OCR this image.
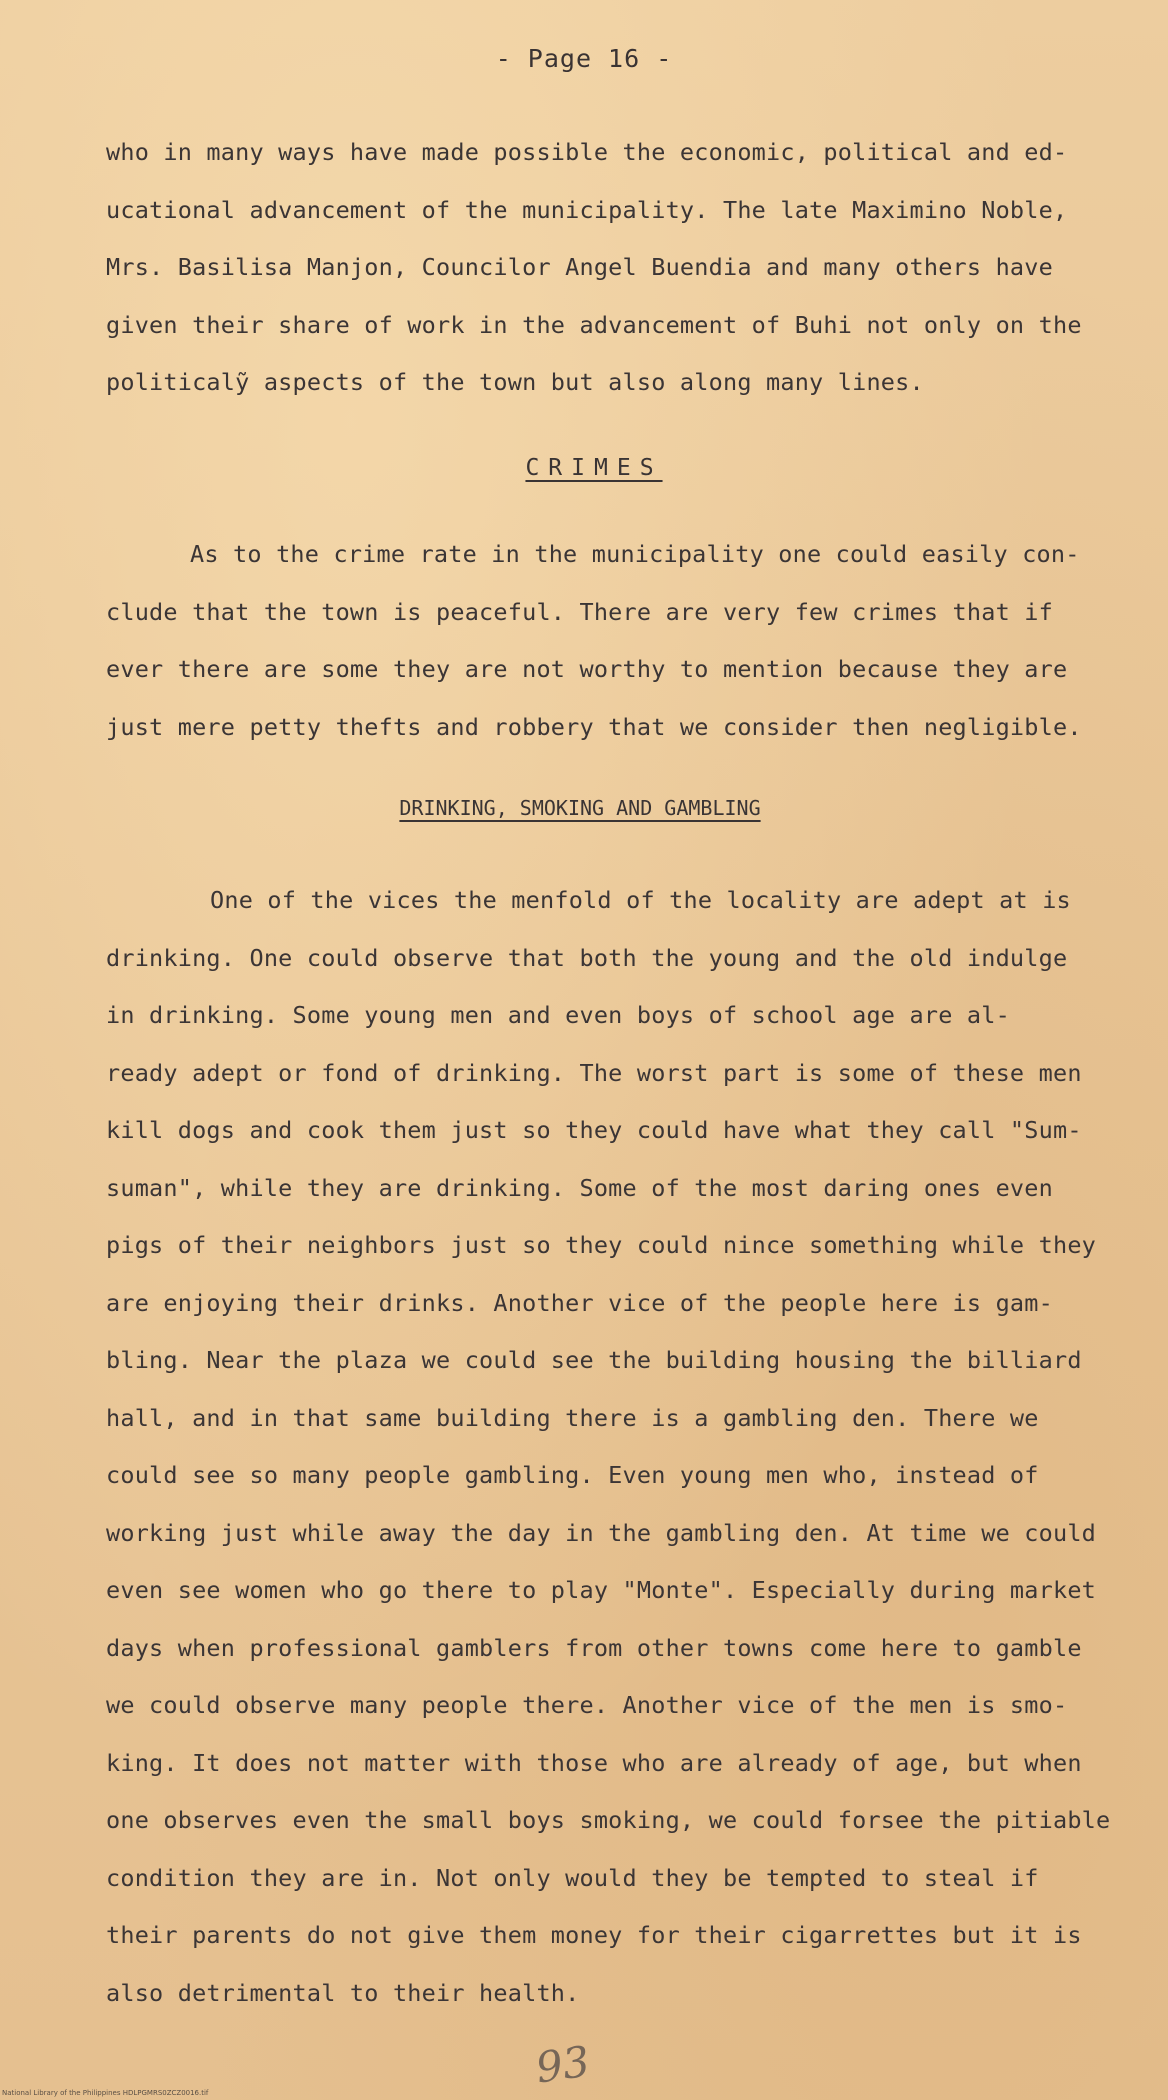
- Page 16 -
who in many ways have made possible the economic, political and ed-
ucational advancement of the municipality. The late Maximino Noble,
Mrs. Basilisa Manjon, Councilor Angel Buendia and many others have
given their share of work in the advancement of Buhi not only on the
politicalỹ aspects of the town but also along many lines.
CRIMES
As to the crime rate in the municipality one could easily con-
clude that the town is peaceful. There are very few crimes that if
ever there are some they are not worthy to mention because they are
just mere petty thefts and robbery that we consider then negligible.
DRINKING, SMOKING AND GAMBLING
One of the vices the menfold of the locality are adept at is
drinking. One could observe that both the young and the old indulge
in drinking. Some young men and even boys of school age are al-
ready adept or fond of drinking. The worst part is some of these men
kill dogs and cook them just so they could have what they call "Sum-
suman", while they are drinking. Some of the most daring ones even
pigs of their neighbors just so they could nince something while they
are enjoying their drinks. Another vice of the people here is gam-
bling. Near the plaza we could see the building housing the billiard
hall, and in that same building there is a gambling den. There we
could see so many people gambling. Even young men who, instead of
working just while away the day in the gambling den. At time we could
even see women who go there to play "Monte". Especially during market
days when professional gamblers from other towns come here to gamble
we could observe many people there. Another vice of the men is smo-
king. It does not matter with those who are already of age, but when
one observes even the small boys smoking, we could forsee the pitiable
condition they are in. Not only would they be tempted to steal if
their parents do not give them money for their cigarrettes but it is
also detrimental to their health.
93
National Library of the Philippines HDLPGMRS0ZCZ0016.tif
